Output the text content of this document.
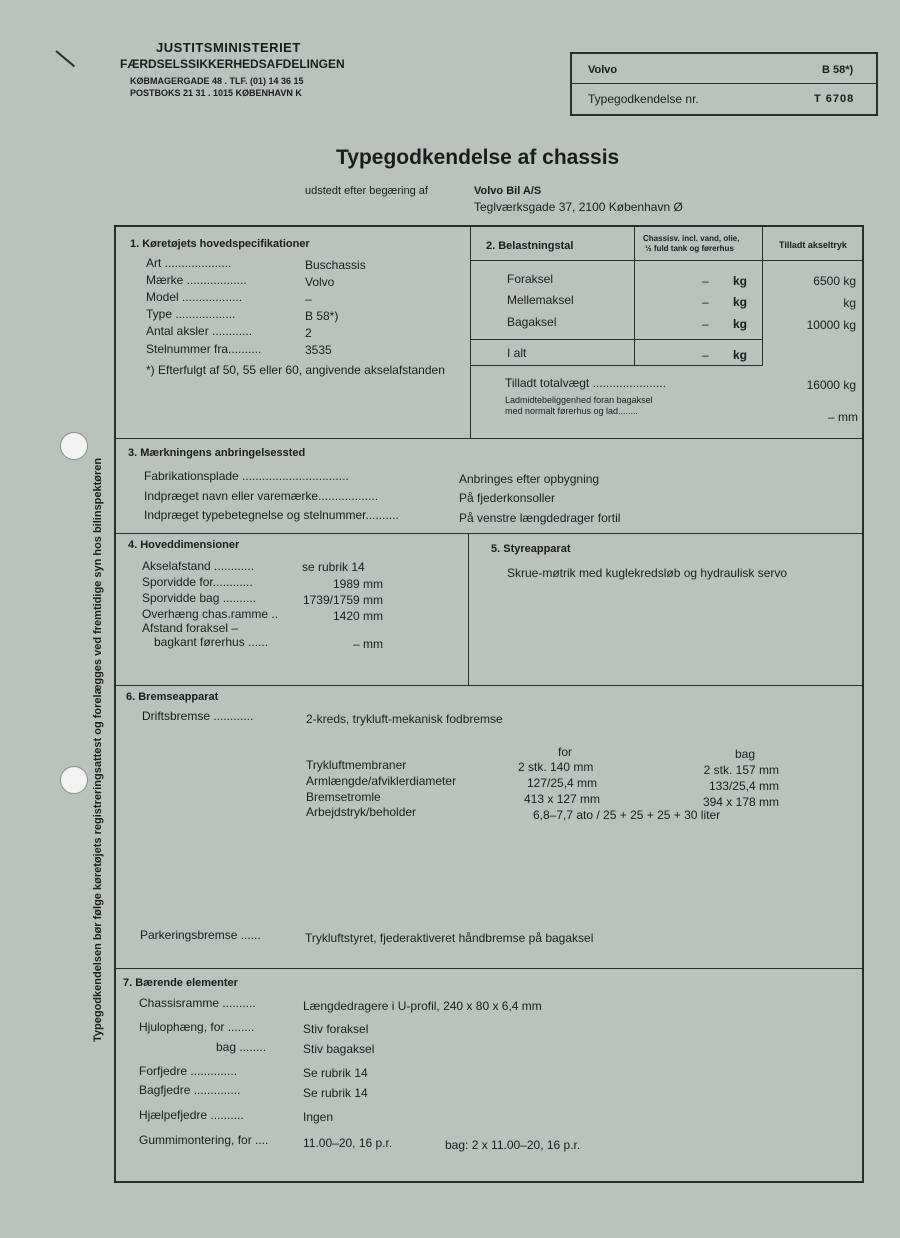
JUSTITSMINISTERIET
FÆRDSELSSIKKERHEDSAFDELINGEN
KØBMAGERGADE 48 . TLF. (01) 14 36 15
POSTBOKS 21 31 . 1015 KØBENHAVN K
Volvo	B 58*)
Typegodkendelse nr.	T 6708
Typegodkendelse af chassis
udstedt efter begæring af	Volvo Bil A/S
Teglværksgade 37, 2100 København Ø
Typegodkendelsen bør følge køretøjets registreringsattest og forelægges ved fremtidige syn hos bilinspektøren
1. Køretøjets hovedspecifikationer
Art ....................	Buschassis
Mærke ..................	Volvo
Model ..................	–
Type ..................	B 58*)
Antal aksler ............	2
Stelnummer fra..........	3535
*) Efterfulgt af 50, 55 eller 60, angivende akselafstanden
2. Belastningstal
Chassisv. incl. vand, olie,
½ fuld tank og førerhus	Tilladt akseltryk
Foraksel	– kg	6500 kg
Mellemaksel	– kg	kg
Bagaksel	– kg	10000 kg
I alt	– kg
Tilladt totalvægt ......................	16000 kg
Ladmidtebeliggenhed foran bagaksel
med normalt førerhus og lad........	– mm
3. Mærkningens anbringelsessted
Fabrikationsplade ................................	Anbringes efter opbygning
Indpræget navn eller varemærke..................	På fjederkonsoller
Indpræget typebetegnelse og stelnummer..........	På venstre længdedrager fortil
4. Hoveddimensioner
Akselafstand ............	se rubrik 14
Sporvidde for............	1989 mm
Sporvidde bag ..........	1739/1759 mm
Overhæng chas.ramme ..	1420 mm
Afstand foraksel –
bagkant førerhus ......	– mm
5. Styreapparat
Skrue-møtrik med kuglekredsløb og hydraulisk servo
6. Bremseapparat
Driftsbremse ............	2-kreds, trykluft-mekanisk fodbremse
for	bag
Trykluftmembraner	2 stk. 140 mm	2 stk. 157 mm
Armlængde/afviklerdiameter	127/25,4 mm	133/25,4 mm
Bremsetromle	413 x 127 mm	394 x 178 mm
Arbejdstryk/beholder	6,8–7,7 ato / 25 + 25 + 25 + 30 liter
Parkeringsbremse ......	Trykluftstyret, fjederaktiveret håndbremse på bagaksel
7. Bærende elementer
Chassisramme ..........	Længdedragere i U-profil, 240 x 80 x 6,4 mm
Hjulophæng, for ........	Stiv foraksel
bag ........	Stiv bagaksel
Forfjedre ..............	Se rubrik 14
Bagfjedre ..............	Se rubrik 14
Hjælpefjedre ..........	Ingen
Gummimontering, for ....	11.00–20, 16 p.r.	bag: 2 x 11.00–20, 16 p.r.
